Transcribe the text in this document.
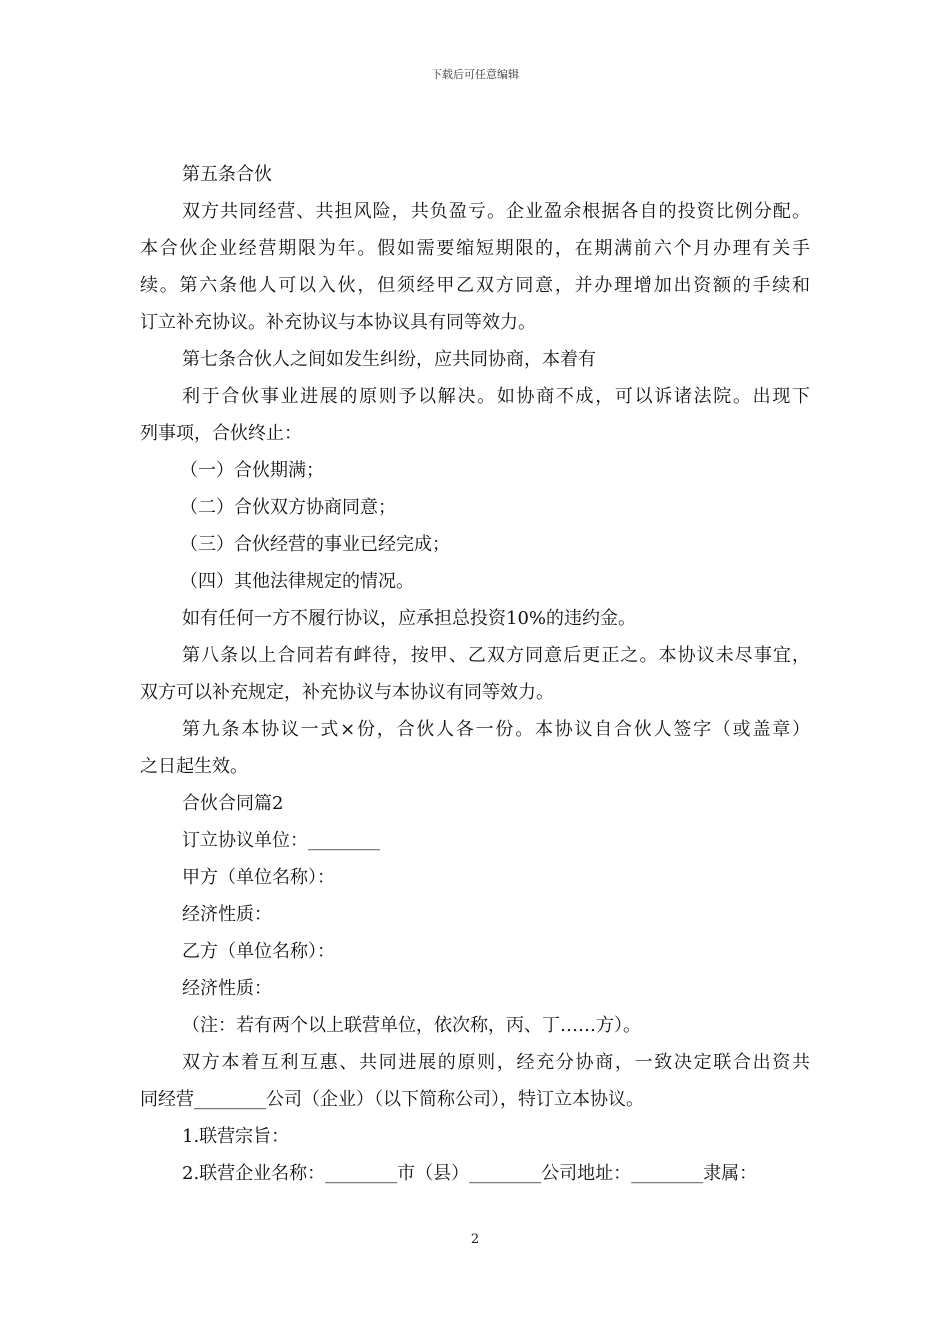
下载后可任意编辑
第五条合伙
双方共同经营、共担风险，共负盈亏。企业盈余根据各自的投资比例分配。
本合伙企业经营期限为年。假如需要缩短期限的，在期满前六个月办理有关手
续。第六条他人可以入伙，但须经甲乙双方同意，并办理增加出资额的手续和
订立补充协议。补充协议与本协议具有同等效力。
第七条合伙人之间如发生纠纷，应共同协商，本着有
利于合伙事业进展的原则予以解决。如协商不成，可以诉诸法院。出现下
列事项，合伙终止：
（一）合伙期满；
（二）合伙双方协商同意；
（三）合伙经营的事业已经完成；
（四）其他法律规定的情况。
如有任何一方不履行协议，应承担总投资10%的违约金。
第八条以上合同若有衅待，按甲、乙双方同意后更正之。本协议未尽事宜，
双方可以补充规定，补充协议与本协议有同等效力。
第九条本协议一式×份，合伙人各一份。本协议自合伙人签字（或盖章）
之日起生效。
合伙合同篇2
订立协议单位：________
甲方（单位名称）：
经济性质：
乙方（单位名称）：
经济性质：
（注：若有两个以上联营单位，依次称，丙、丁……方）。
双方本着互利互惠、共同进展的原则，经充分协商，一致决定联合出资共
同经营________公司（企业）（以下简称公司），特订立本协议。
1.联营宗旨：
2.联营企业名称：________市（县）________公司地址：________隶属：
2
